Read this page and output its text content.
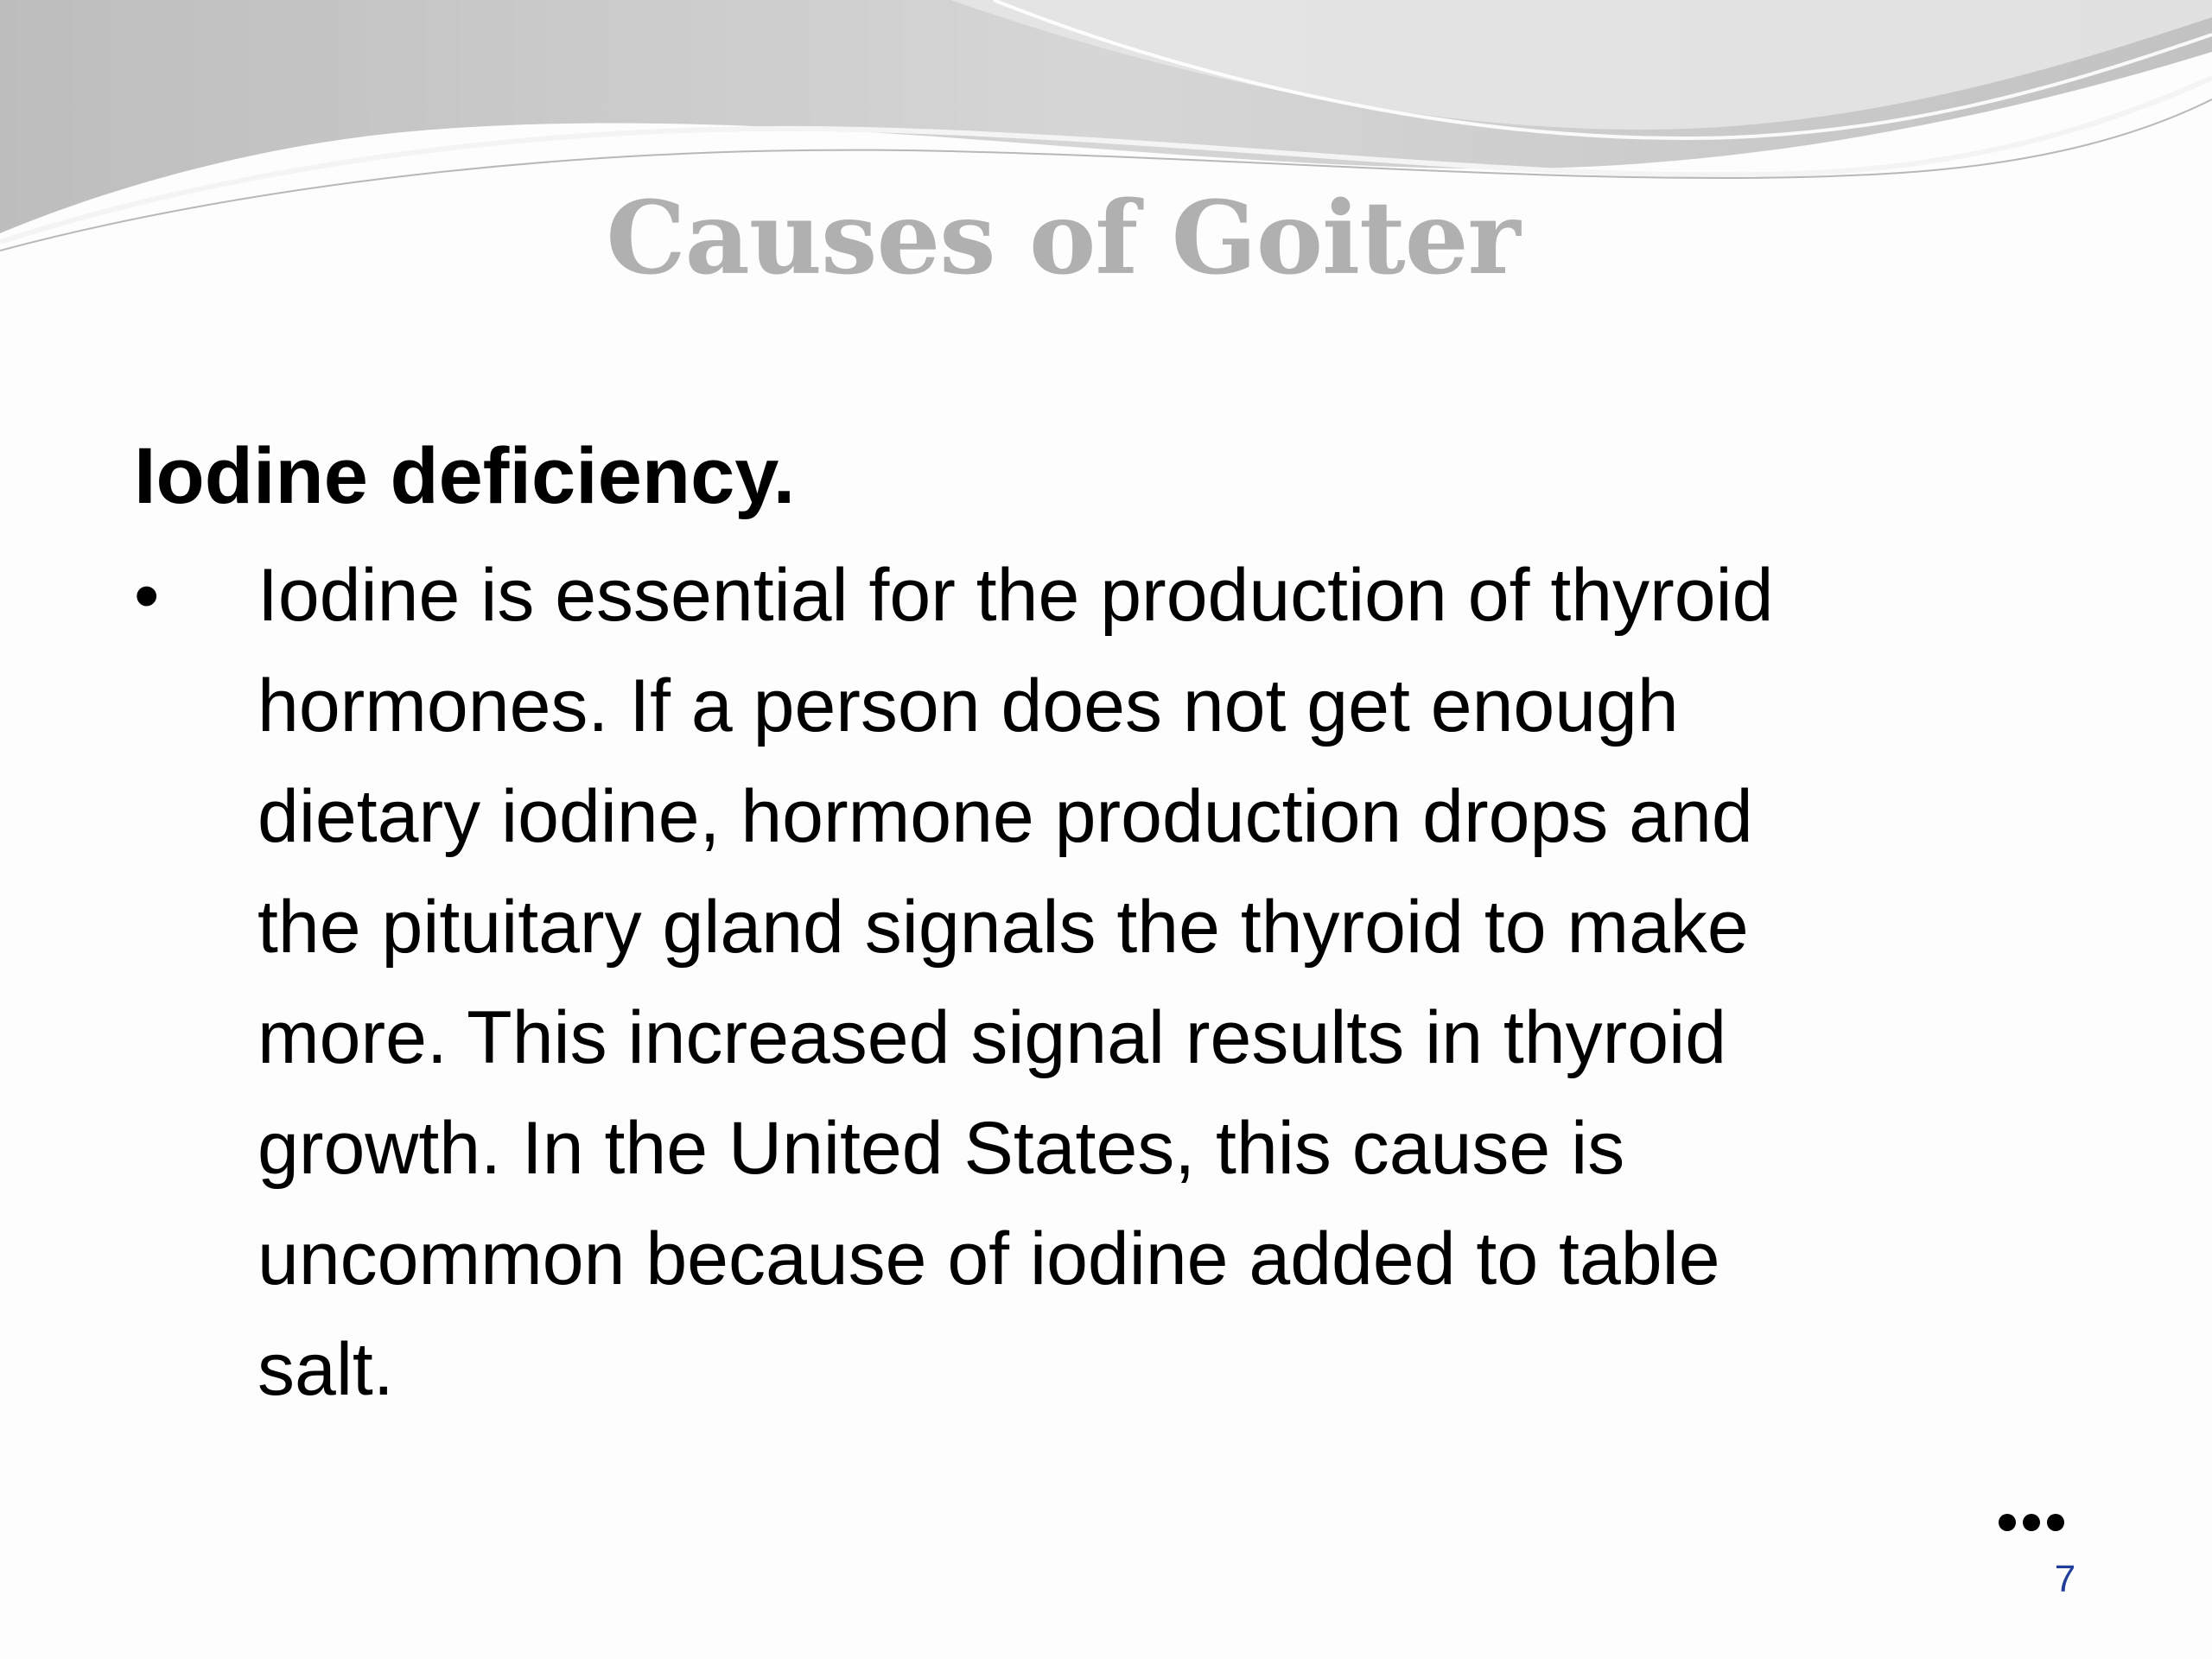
Causes of Goiter
Iodine deficiency.
• Iodine is essential for the production of thyroid
hormones. If a person does not get enough
dietary iodine, hormone production drops and
the pituitary gland signals the thyroid to make
more. This increased signal results in thyroid
growth. In the United States, this cause is
uncommon because of iodine added to table
salt.
7
